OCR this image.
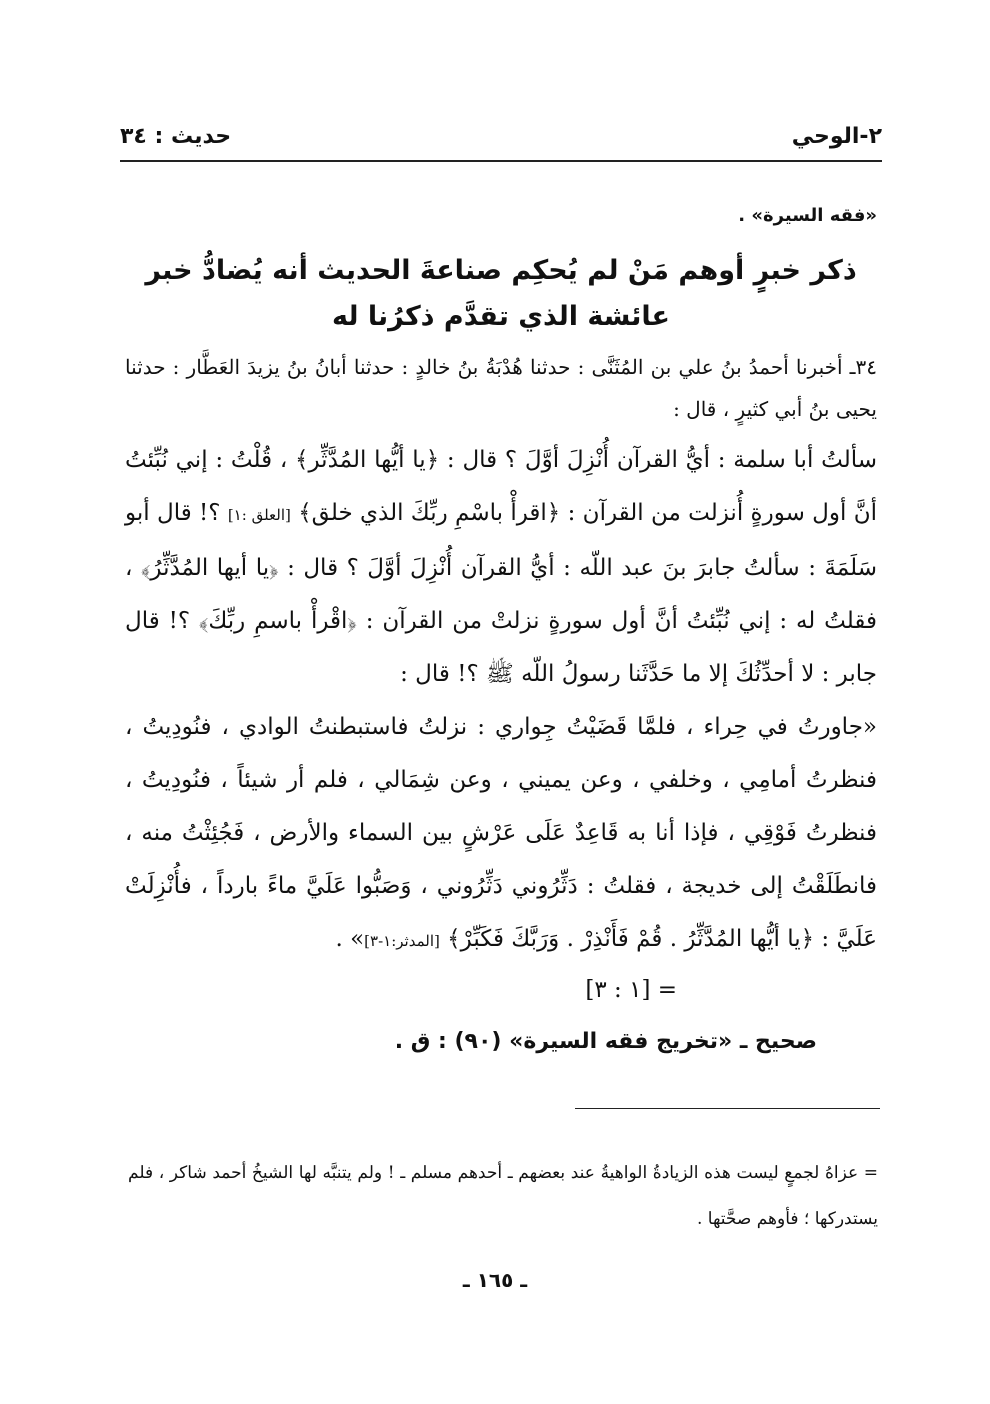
٢-الوحي
حديث : ٣٤

«فقه السيرة» .

ذكر خبرٍ أوهم مَنْ لم يُحكِم صناعةَ الحديث أنه يُضادُّ خبر
عائشة الذي تقدَّم ذكرُنا له

٣٤ـ أخبرنا أحمدُ بنُ علي بن المُثَنَّى : حدثنا هُدْبَةُ بنُ خالدٍ : حدثنا أبانُ بنُ يزيدَ العَطَّار : حدثنا يحيى بنُ أبي كثيرٍ ، قال :

سألتُ أبا سلمة : أيُّ القرآن أُنْزِلَ أوَّلَ ؟ قال : ﴿يا أيُّها المُدَّثِّر﴾ ، قُلْتُ : إني نُبِّئتُ أنَّ أول سورةٍ أُنزلت من القرآن : ﴿اقرأْ باسْمِ ربِّكَ الذي خلق﴾ [العلق :١] ؟! قال أبو سَلَمَةَ : سألتُ جابرَ بنَ عبد اللّه : أيُّ القرآن أُنْزِلَ أوَّلَ ؟ قال : ﴿يا أيها المُدَّثِّرُ﴾ ، فقلتُ له : إني نُبِّئتُ أنَّ أول سورةٍ نزلتْ من القرآن : ﴿اقْرأْ باسمِ ربِّكَ﴾ ؟! قال جابر : لا أحدِّثُكَ إلا ما حَدَّثَنا رسولُ اللّه ﷺ ؟! قال :

«جاورتُ في حِراء ، فلمَّا قَضَيْتُ جِواري : نزلتُ فاستبطنتُ الوادي ، فنُودِيتُ ، فنظرتُ أمامِي ، وخلفي ، وعن يميني ، وعن شِمَالي ، فلم أر شيئاً ، فنُودِيتُ ، فنظرتُ فَوْقِي ، فإذا أنا به قَاعِدٌ عَلَى عَرْشٍ بين السماء والأرض ، فَجُئِثْتُ منه ، فانطَلَقْتُ إلى خديجة ، فقلتُ : دَثِّرُوني دَثِّرُوني ، وَصَبُّوا عَلَيَّ ماءً بارداً ، فأُنْزِلَتْ عَلَيَّ : ﴿يا أيُّها المُدَّثِّرُ . قُمْ فَأَنْذِرْ . وَرَبَّكَ فَكَبِّرْ﴾ [المدثر:١-٣]» .

= [١ : ٣]

صحيح ـ «تخريج فقه السيرة» (٩٠) : ق .

= عزاهُ لجمعٍ ليست هذه الزيادةُ الواهيةُ عند بعضهم ـ أحدهم مسلم ـ ! ولم يتنبَّه لها الشيخُ أحمد شاكر ، فلم يستدركها ؛ فأوهم صحَّتها .
ـ ١٦٥ ـ
